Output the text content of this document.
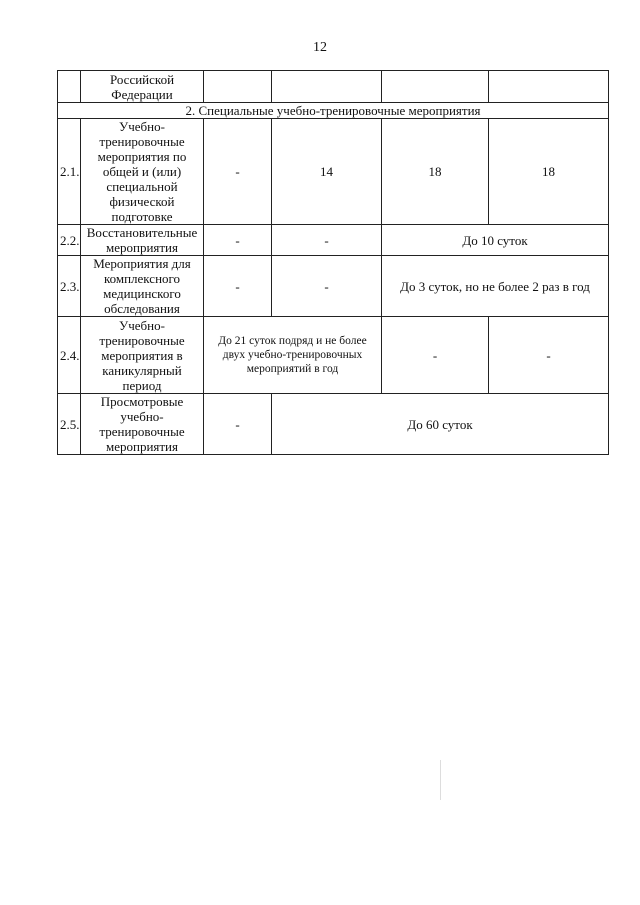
12
	Российской Федерации				
2. Специальные учебно-тренировочные мероприятия					
2.1.	Учебно-тренировочные мероприятия по общей и (или) специальной физической подготовке	-	14	18	18
2.2.	Восстановительные мероприятия	-	-	До 10 суток	
2.3.	Мероприятия для комплексного медицинского обследования	-	-	До 3 суток, но не более 2 раз в год	
2.4.	Учебно-тренировочные мероприятия в каникулярный период	До 21 суток подряд и не более двух учебно-тренировочных мероприятий в год		-	-
2.5.	Просмотровые учебно-тренировочные мероприятия	-	До 60 суток		
